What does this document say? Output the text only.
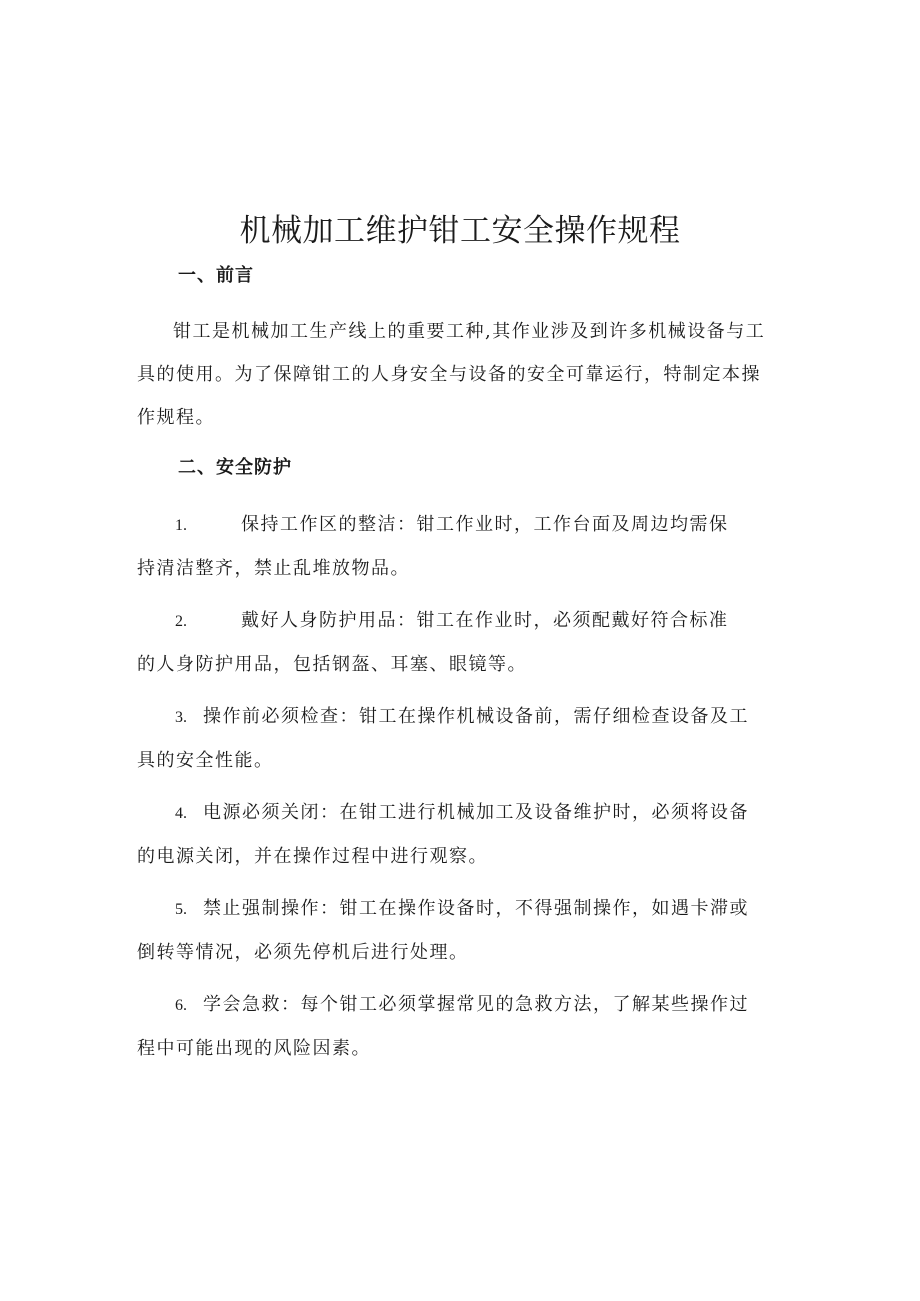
机械加工维护钳工安全操作规程
一、前言

钳工是机械加工生产线上的重要工种,其作业涉及到许多机械设备与工具的使用。为了保障钳工的人身安全与设备的安全可靠运行，特制定本操作规程。

二、安全防护
1.	保持工作区的整洁：钳工作业时，工作台面及周边均需保
持清洁整齐，禁止乱堆放物品。
2.	戴好人身防护用品：钳工在作业时，必须配戴好符合标准
的人身防护用品，包括钢盔、耳塞、眼镜等。
3. 操作前必须检查：钳工在操作机械设备前，需仔细检查设备及工
具的安全性能。
4. 电源必须关闭：在钳工进行机械加工及设备维护时，必须将设备
的电源关闭，并在操作过程中进行观察。
5. 禁止强制操作：钳工在操作设备时，不得强制操作，如遇卡滞或
倒转等情况，必须先停机后进行处理。
6. 学会急救：每个钳工必须掌握常见的急救方法，了解某些操作过
程中可能出现的风险因素。
